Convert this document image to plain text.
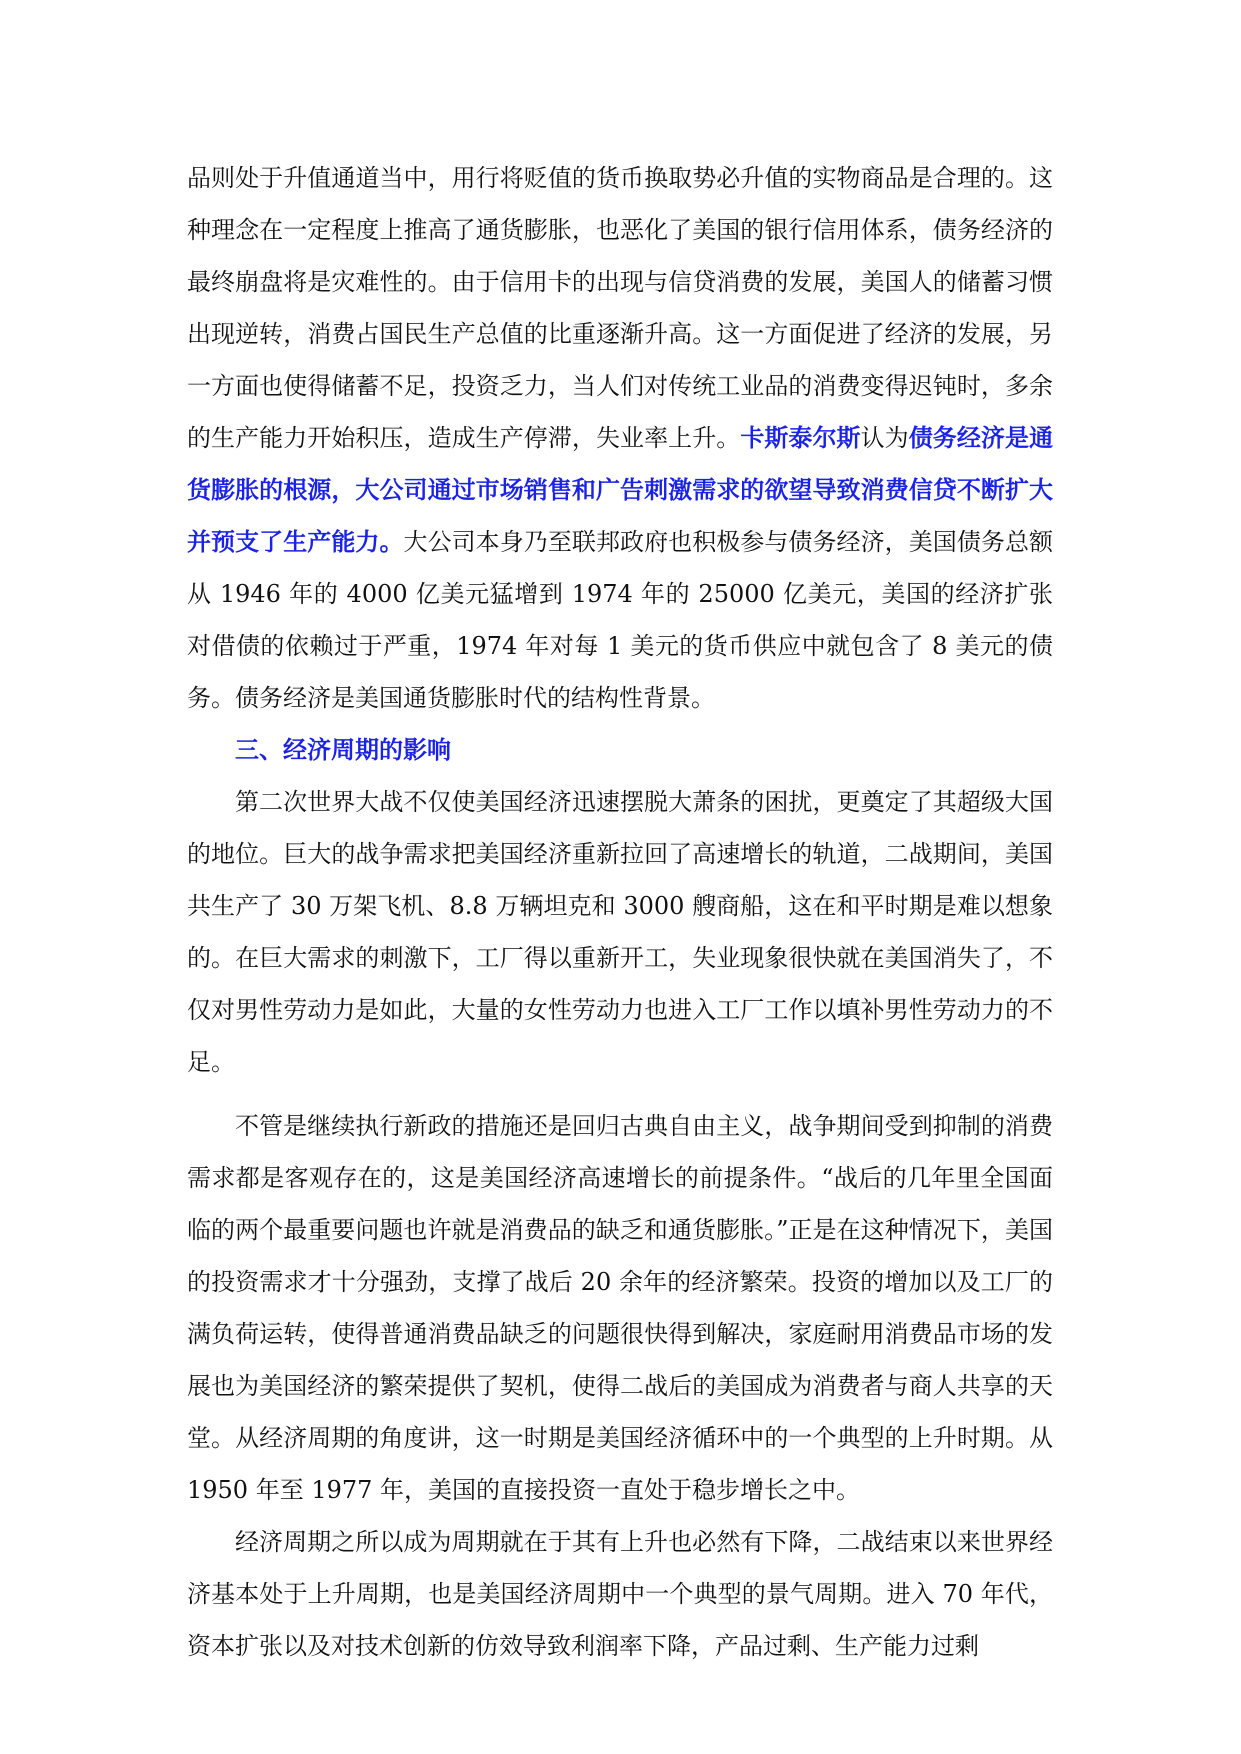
品则处于升值通道当中，用行将贬值的货币换取势必升值的实物商品是合理的。这种理念在一定程度上推高了通货膨胀，也恶化了美国的银行信用体系，债务经济的最终崩盘将是灾难性的。由于信用卡的出现与信贷消费的发展，美国人的储蓄习惯出现逆转，消费占国民生产总值的比重逐渐升高。这一方面促进了经济的发展，另一方面也使得储蓄不足，投资乏力，当人们对传统工业品的消费变得迟钝时，多余的生产能力开始积压，造成生产停滞，失业率上升。卡斯泰尔斯认为债务经济是通货膨胀的根源，大公司通过市场销售和广告刺激需求的欲望导致消费信贷不断扩大并预支了生产能力。大公司本身乃至联邦政府也积极参与债务经济，美国债务总额从 1946 年的 4000 亿美元猛增到 1974 年的 25000 亿美元，美国的经济扩张对借债的依赖过于严重，1974 年对每 1 美元的货币供应中就包含了 8 美元的债务。债务经济是美国通货膨胀时代的结构性背景。

三、经济周期的影响

第二次世界大战不仅使美国经济迅速摆脱大萧条的困扰，更奠定了其超级大国的地位。巨大的战争需求把美国经济重新拉回了高速增长的轨道，二战期间，美国共生产了 30 万架飞机、8.8 万辆坦克和 3000 艘商船，这在和平时期是难以想象的。在巨大需求的刺激下，工厂得以重新开工，失业现象很快就在美国消失了，不仅对男性劳动力是如此，大量的女性劳动力也进入工厂工作以填补男性劳动力的不足。

不管是继续执行新政的措施还是回归古典自由主义，战争期间受到抑制的消费需求都是客观存在的，这是美国经济高速增长的前提条件。“战后的几年里全国面临的两个最重要问题也许就是消费品的缺乏和通货膨胀。”正是在这种情况下，美国的投资需求才十分强劲，支撑了战后 20 余年的经济繁荣。投资的增加以及工厂的满负荷运转，使得普通消费品缺乏的问题很快得到解决，家庭耐用消费品市场的发展也为美国经济的繁荣提供了契机，使得二战后的美国成为消费者与商人共享的天堂。从经济周期的角度讲，这一时期是美国经济循环中的一个典型的上升时期。从 1950 年至 1977 年，美国的直接投资一直处于稳步增长之中。

经济周期之所以成为周期就在于其有上升也必然有下降，二战结束以来世界经济基本处于上升周期，也是美国经济周期中一个典型的景气周期。进入 70 年代，资本扩张以及对技术创新的仿效导致利润率下降，产品过剩、生产能力过剩
